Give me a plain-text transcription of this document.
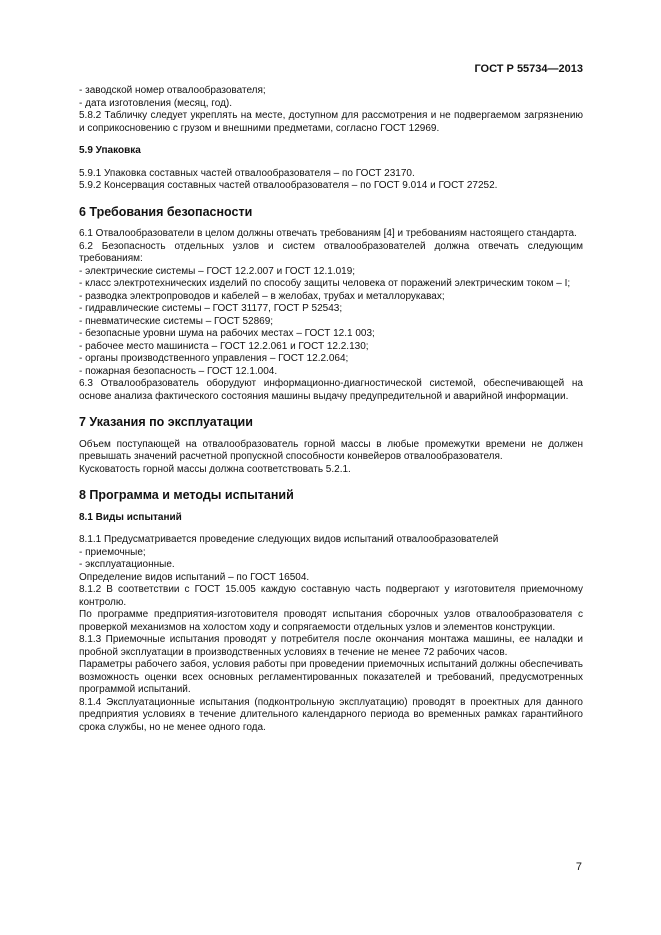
ГОСТ Р 55734—2013

- заводской номер отвалообразователя;

- дата изготовления (месяц, год).

5.8.2 Табличку следует укреплять на месте, доступном для рассмотрения и не подвергаемом загрязнению и соприкосновению с грузом и внешними предметами, согласно ГОСТ 12969.

5.9 Упаковка

5.9.1 Упаковка составных частей отвалообразователя – по ГОСТ 23170.

5.9.2 Консервация составных частей отвалообразователя – по ГОСТ 9.014 и ГОСТ 27252.

6 Требования безопасности

6.1 Отвалообразователи в целом должны отвечать требованиям [4] и требованиям настоящего стандарта.

6.2 Безопасность отдельных узлов и систем отвалообразователей должна отвечать следующим требованиям:

- электрические системы – ГОСТ 12.2.007 и ГОСТ 12.1.019;

- класс электротехнических изделий по способу защиты человека от поражений электрическим током – I;

- разводка электропроводов и кабелей – в желобах, трубах и металлорукавах;

- гидравлические системы – ГОСТ 31177, ГОСТ Р 52543;

- пневматические системы – ГОСТ 52869;

- безопасные уровни шума на рабочих местах – ГОСТ 12.1 003;

- рабочее место машиниста – ГОСТ 12.2.061 и ГОСТ 12.2.130;

- органы производственного управления – ГОСТ 12.2.064;

- пожарная безопасность – ГОСТ 12.1.004.

6.3 Отвалообразователь оборудуют информационно-диагностической системой, обеспечивающей на основе анализа фактического состояния машины выдачу предупредительной и аварийной информации.

7 Указания по эксплуатации

Объем поступающей на отвалообразователь горной массы в любые промежутки времени не должен превышать значений расчетной пропускной способности конвейеров отвалообразователя.

Кусковатость горной массы должна соответствовать 5.2.1.

8 Программа и методы испытаний
8.1 Виды испытаний

8.1.1 Предусматривается проведение следующих видов испытаний отвалообразователей

- приемочные;

- эксплуатационные.

Определение видов испытаний – по ГОСТ 16504.

8.1.2 В соответствии с ГОСТ 15.005 каждую составную часть подвергают у изготовителя приемочному контролю.

По программе предприятия-изготовителя проводят испытания сборочных узлов отвалообразователя с проверкой механизмов на холостом ходу и сопрягаемости отдельных узлов и элементов конструкции.

8.1.3 Приемочные испытания проводят у потребителя после окончания монтажа машины, ее наладки и пробной эксплуатации в производственных условиях в течение не менее 72 рабочих часов.

Параметры рабочего забоя, условия работы при проведении приемочных испытаний должны обеспечивать возможность оценки всех основных регламентированных показателей и требований, предусмотренных программой испытаний.

8.1.4 Эксплуатационные испытания (подконтрольную эксплуатацию) проводят в проектных для данного предприятия условиях в течение длительного календарного периода во временных рамках гарантийного срока службы, но не менее одного года.

7
